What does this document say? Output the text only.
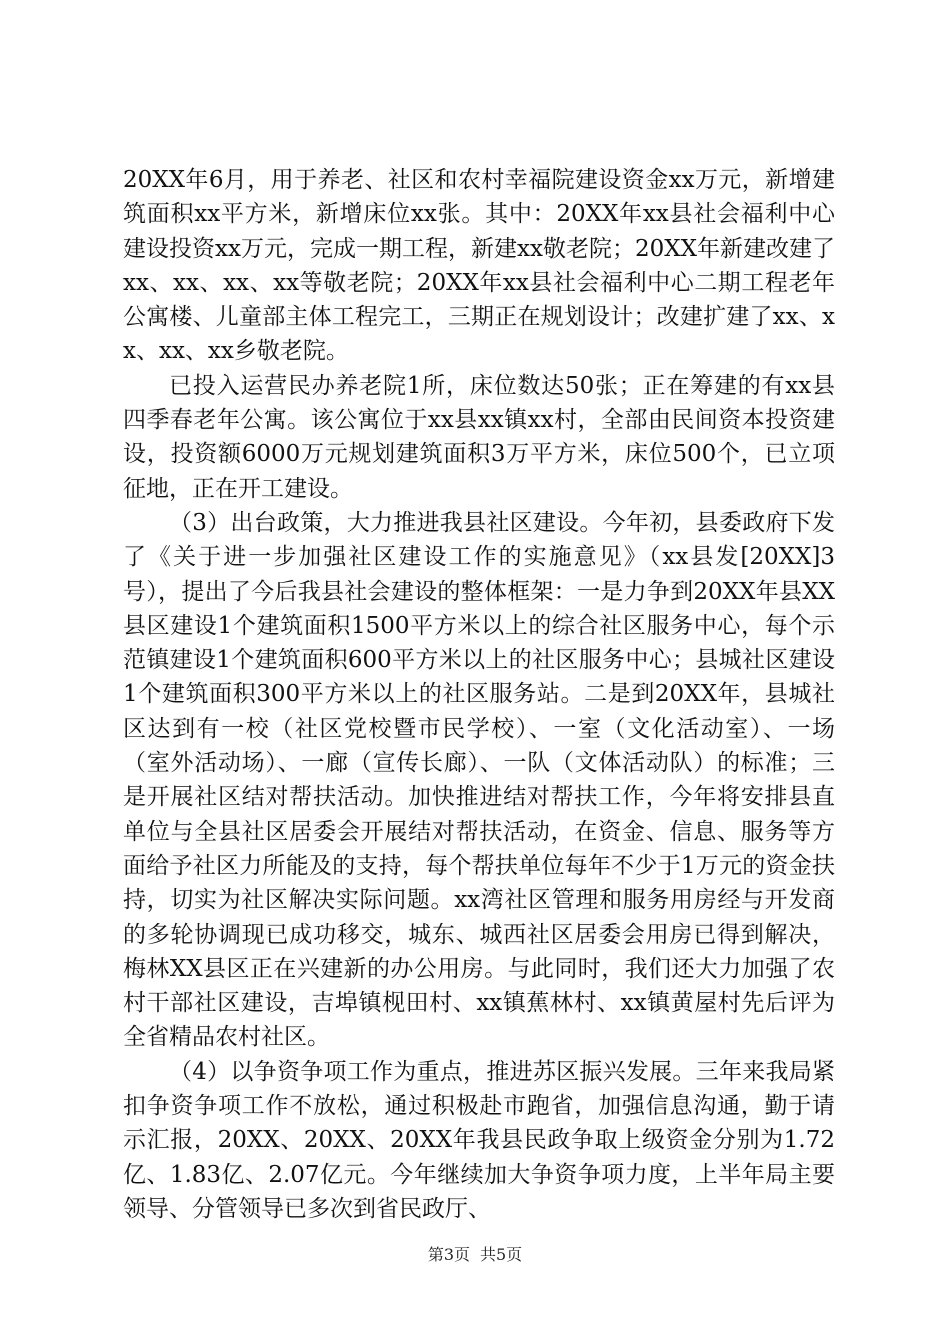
20XX年6月，用于养老、社区和农村幸福院建设资金xx万元，新增建筑面积xx平方米，新增床位xx张。其中：20XX年xx县社会福利中心建设投资xx万元，完成一期工程，新建xx敬老院；20XX年新建改建了xx、xx、xx、xx等敬老院；20XX年xx县社会福利中心二期工程老年公寓楼、儿童部主体工程完工，三期正在规划设计；改建扩建了xx、xx、xx、xx乡敬老院。

已投入运营民办养老院1所，床位数达50张；正在筹建的有xx县四季春老年公寓。该公寓位于xx县xx镇xx村，全部由民间资本投资建设，投资额6000万元规划建筑面积3万平方米，床位500个，已立项征地，正在开工建设。

（3）出台政策，大力推进我县社区建设。今年初，县委政府下发了《关于进一步加强社区建设工作的实施意见》（xx县发[20XX]3号），提出了今后我县社会建设的整体框架：一是力争到20XX年县XX县区建设1个建筑面积1500平方米以上的综合社区服务中心，每个示范镇建设1个建筑面积600平方米以上的社区服务中心；县城社区建设1个建筑面积300平方米以上的社区服务站。二是到20XX年，县城社区达到有一校（社区党校暨市民学校）、一室（文化活动室）、一场（室外活动场）、一廊（宣传长廊）、一队（文体活动队）的标准；三是开展社区结对帮扶活动。加快推进结对帮扶工作，今年将安排县直单位与全县社区居委会开展结对帮扶活动，在资金、信息、服务等方面给予社区力所能及的支持，每个帮扶单位每年不少于1万元的资金扶持，切实为社区解决实际问题。xx湾社区管理和服务用房经与开发商的多轮协调现已成功移交，城东、城西社区居委会用房已得到解决，梅林XX县区正在兴建新的办公用房。与此同时，我们还大力加强了农村干部社区建设，吉埠镇枧田村、xx镇蕉林村、xx镇黄屋村先后评为全省精品农村社区。

（4）以争资争项工作为重点，推进苏区振兴发展。三年来我局紧扣争资争项工作不放松，通过积极赴市跑省，加强信息沟通，勤于请示汇报，20XX、20XX、20XX年我县民政争取上级资金分别为1.72亿、1.83亿、2.07亿元。今年继续加大争资争项力度，上半年局主要领导、分管领导已多次到省民政厅、

第3页 共5页
